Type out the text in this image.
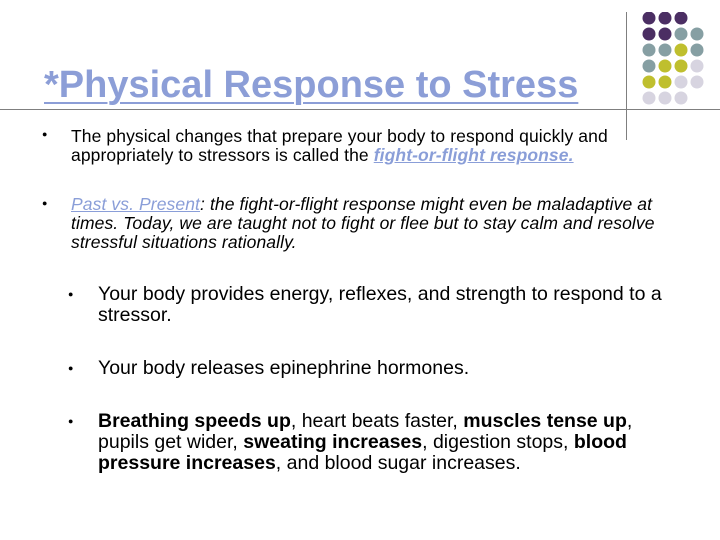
*Physical Response to Stress
● The physical changes that prepare your body to respond quickly and appropriately to stressors is called the fight-or-flight response.
● Past vs. Present: the fight-or-flight response might even be maladaptive at times. Today, we are taught not to fight or flee but to stay calm and resolve stressful situations rationally.
● Your body provides energy, reflexes, and strength to respond to a stressor.
● Your body releases epinephrine hormones.
● Breathing speeds up, heart beats faster, muscles tense up, pupils get wider, sweating increases, digestion stops, blood pressure increases, and blood sugar increases.
